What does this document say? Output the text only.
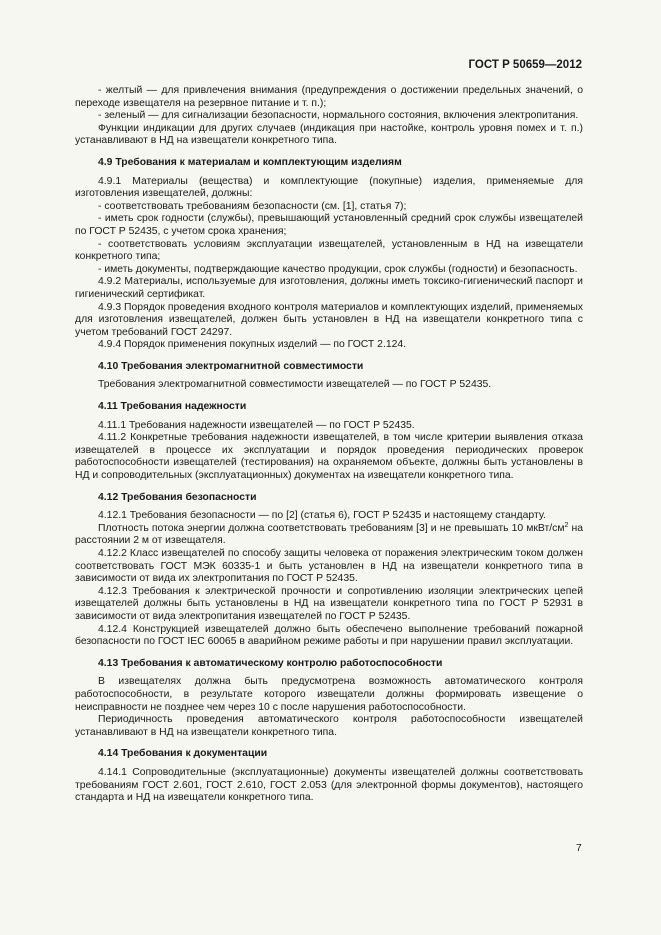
ГОСТ Р 50659—2012

- желтый — для привлечения внимания (предупреждения о достижении предельных значений, о переходе извещателя на резервное питание и т. п.);

- зеленый — для сигнализации безопасности, нормального состояния, включения электропитания.

Функции индикации для других случаев (индикация при настойке, контроль уровня помех и т. п.) устанавливают в НД на извещатели конкретного типа.

4.9 Требования к материалам и комплектующим изделиям

4.9.1 Материалы (вещества) и комплектующие (покупные) изделия, применяемые для изготовления извещателей, должны:

- соответствовать требованиям безопасности (см. [1], статья 7);

- иметь срок годности (службы), превышающий установленный средний срок службы извещателей по ГОСТ Р 52435, с учетом срока хранения;

- соответствовать условиям эксплуатации извещателей, установленным в НД на извещатели конкретного типа;

- иметь документы, подтверждающие качество продукции, срок службы (годности) и безопасность.

4.9.2 Материалы, используемые для изготовления, должны иметь токсико-гигиенический паспорт и гигиенический сертификат.

4.9.3 Порядок проведения входного контроля материалов и комплектующих изделий, применяемых для изготовления извещателей, должен быть установлен в НД на извещатели конкретного типа с учетом требований ГОСТ 24297.

4.9.4 Порядок применения покупных изделий — по ГОСТ 2.124.

4.10 Требования электромагнитной совместимости

Требования электромагнитной совместимости извещателей — по ГОСТ Р 52435.

4.11 Требования надежности

4.11.1 Требования надежности извещателей — по ГОСТ Р 52435.

4.11.2 Конкретные требования надежности извещателей, в том числе критерии выявления отказа извещателей в процессе их эксплуатации и порядок проведения периодических проверок работоспособности извещателей (тестирования) на охраняемом объекте, должны быть установлены в НД и сопроводительных (эксплуатационных) документах на извещатели конкретного типа.

4.12 Требования безопасности

4.12.1 Требования безопасности — по [2] (статья 6), ГОСТ Р 52435 и настоящему стандарту.

Плотность потока энергии должна соответствовать требованиям [3] и не превышать 10 мкВт/$см^2$ на расстоянии 2 м от извещателя.

4.12.2 Класс извещателей по способу защиты человека от поражения электрическим током должен соответствовать ГОСТ МЭК 60335-1 и быть установлен в НД на извещатели конкретного типа в зависимости от вида их электропитания по ГОСТ Р 52435.

4.12.3 Требования к электрической прочности и сопротивлению изоляции электрических цепей извещателей должны быть установлены в НД на извещатели конкретного типа по ГОСТ Р 52931 в зависимости от вида электропитания извещателей по ГОСТ Р 52435.

4.12.4 Конструкцией извещателей должно быть обеспечено выполнение требований пожарной безопасности по ГОСТ IEC 60065 в аварийном режиме работы и при нарушении правил эксплуатации.

4.13 Требования к автоматическому контролю работоспособности

В извещателях должна быть предусмотрена возможность автоматического контроля работоспособности, в результате которого извещатели должны формировать извещение о неисправности не позднее чем через 10 с после нарушения работоспособности.

Периодичность проведения автоматического контроля работоспособности извещателей устанавливают в НД на извещатели конкретного типа.

4.14 Требования к документации

4.14.1 Сопроводительные (эксплуатационные) документы извещателей должны соответствовать требованиям ГОСТ 2.601, ГОСТ 2.610, ГОСТ 2.053 (для электронной формы документов), настоящего стандарта и НД на извещатели конкретного типа.

7
